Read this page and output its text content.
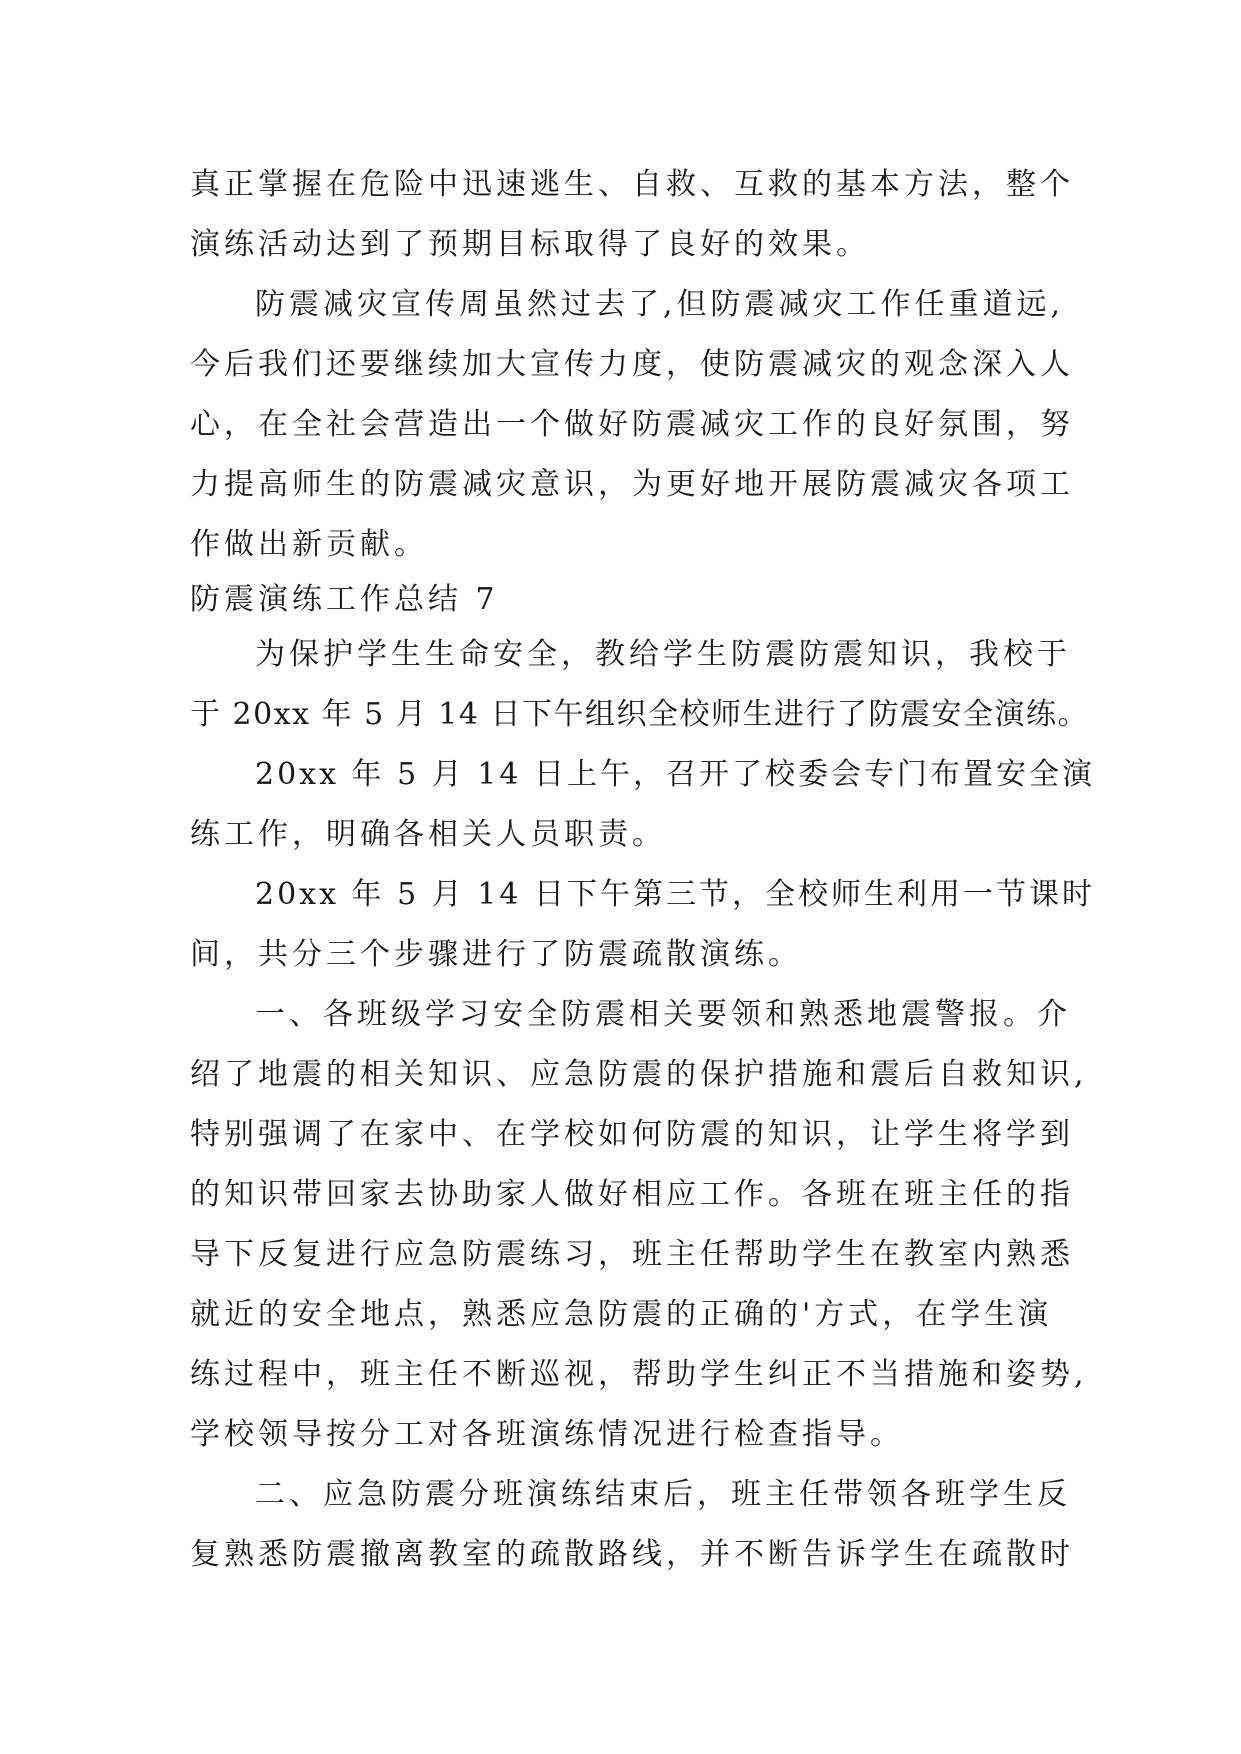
真正掌握在危险中迅速逃生、自救、互救的基本方法，整个
演练活动达到了预期目标取得了良好的效果。
防震减灾宣传周虽然过去了,但防震减灾工作任重道远,
今后我们还要继续加大宣传力度，使防震减灾的观念深入人
心，在全社会营造出一个做好防震减灾工作的良好氛围，努
力提高师生的防震减灾意识，为更好地开展防震减灾各项工
作做出新贡献。
防震演练工作总结 7
为保护学生生命安全，教给学生防震防震知识，我校于
于 20xx 年 5 月 14 日下午组织全校师生进行了防震安全演练。
20xx 年 5 月 14 日上午，召开了校委会专门布置安全演
练工作，明确各相关人员职责。
20xx 年 5 月 14 日下午第三节，全校师生利用一节课时
间，共分三个步骤进行了防震疏散演练。
一、各班级学习安全防震相关要领和熟悉地震警报。介
绍了地震的相关知识、应急防震的保护措施和震后自救知识,
特别强调了在家中、在学校如何防震的知识，让学生将学到
的知识带回家去协助家人做好相应工作。各班在班主任的指
导下反复进行应急防震练习，班主任帮助学生在教室内熟悉
就近的安全地点，熟悉应急防震的正确的'方式，在学生演
练过程中，班主任不断巡视，帮助学生纠正不当措施和姿势,
学校领导按分工对各班演练情况进行检查指导。
二、应急防震分班演练结束后，班主任带领各班学生反
复熟悉防震撤离教室的疏散路线，并不断告诉学生在疏散时
